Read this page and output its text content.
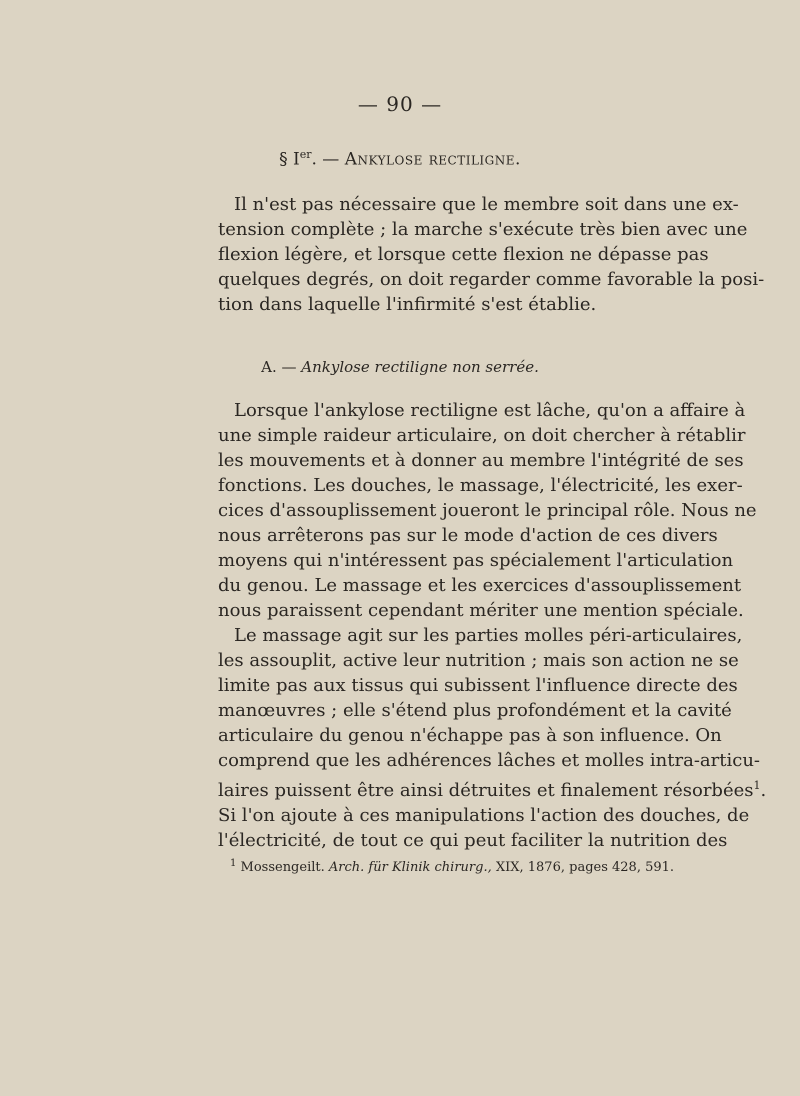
— 90 —
§ Ier. — Ankylose rectiligne.

Il n'est pas nécessaire que le membre soit dans une ex-
tension complète ; la marche s'exécute très bien avec une
flexion légère, et lorsque cette flexion ne dépasse pas
quelques degrés, on doit regarder comme favorable la posi-
tion dans laquelle l'infirmité s'est établie.

A. — Ankylose rectiligne non serrée.

Lorsque l'ankylose rectiligne est lâche, qu'on a affaire à
une simple raideur articulaire, on doit chercher à rétablir
les mouvements et à donner au membre l'intégrité de ses
fonctions. Les douches, le massage, l'électricité, les exer-
cices d'assouplissement joueront le principal rôle. Nous ne
nous arrêterons pas sur le mode d'action de ces divers
moyens qui n'intéressent pas spécialement l'articulation
du genou. Le massage et les exercices d'assouplissement
nous paraissent cependant mériter une mention spéciale.

Le massage agit sur les parties molles péri-articulaires,
les assouplit, active leur nutrition ; mais son action ne se
limite pas aux tissus qui subissent l'influence directe des
manœuvres ; elle s'étend plus profondément et la cavité
articulaire du genou n'échappe pas à son influence. On
comprend que les adhérences lâches et molles intra-articu-
laires puissent être ainsi détruites et finalement résorbées$^1$.
Si l'on ajoute à ces manipulations l'action des douches, de
l'électricité, de tout ce qui peut faciliter la nutrition des

$^1$ Mossengeilt. Arch. für Klinik chirurg., XIX, 1876, pages 428, 591.
